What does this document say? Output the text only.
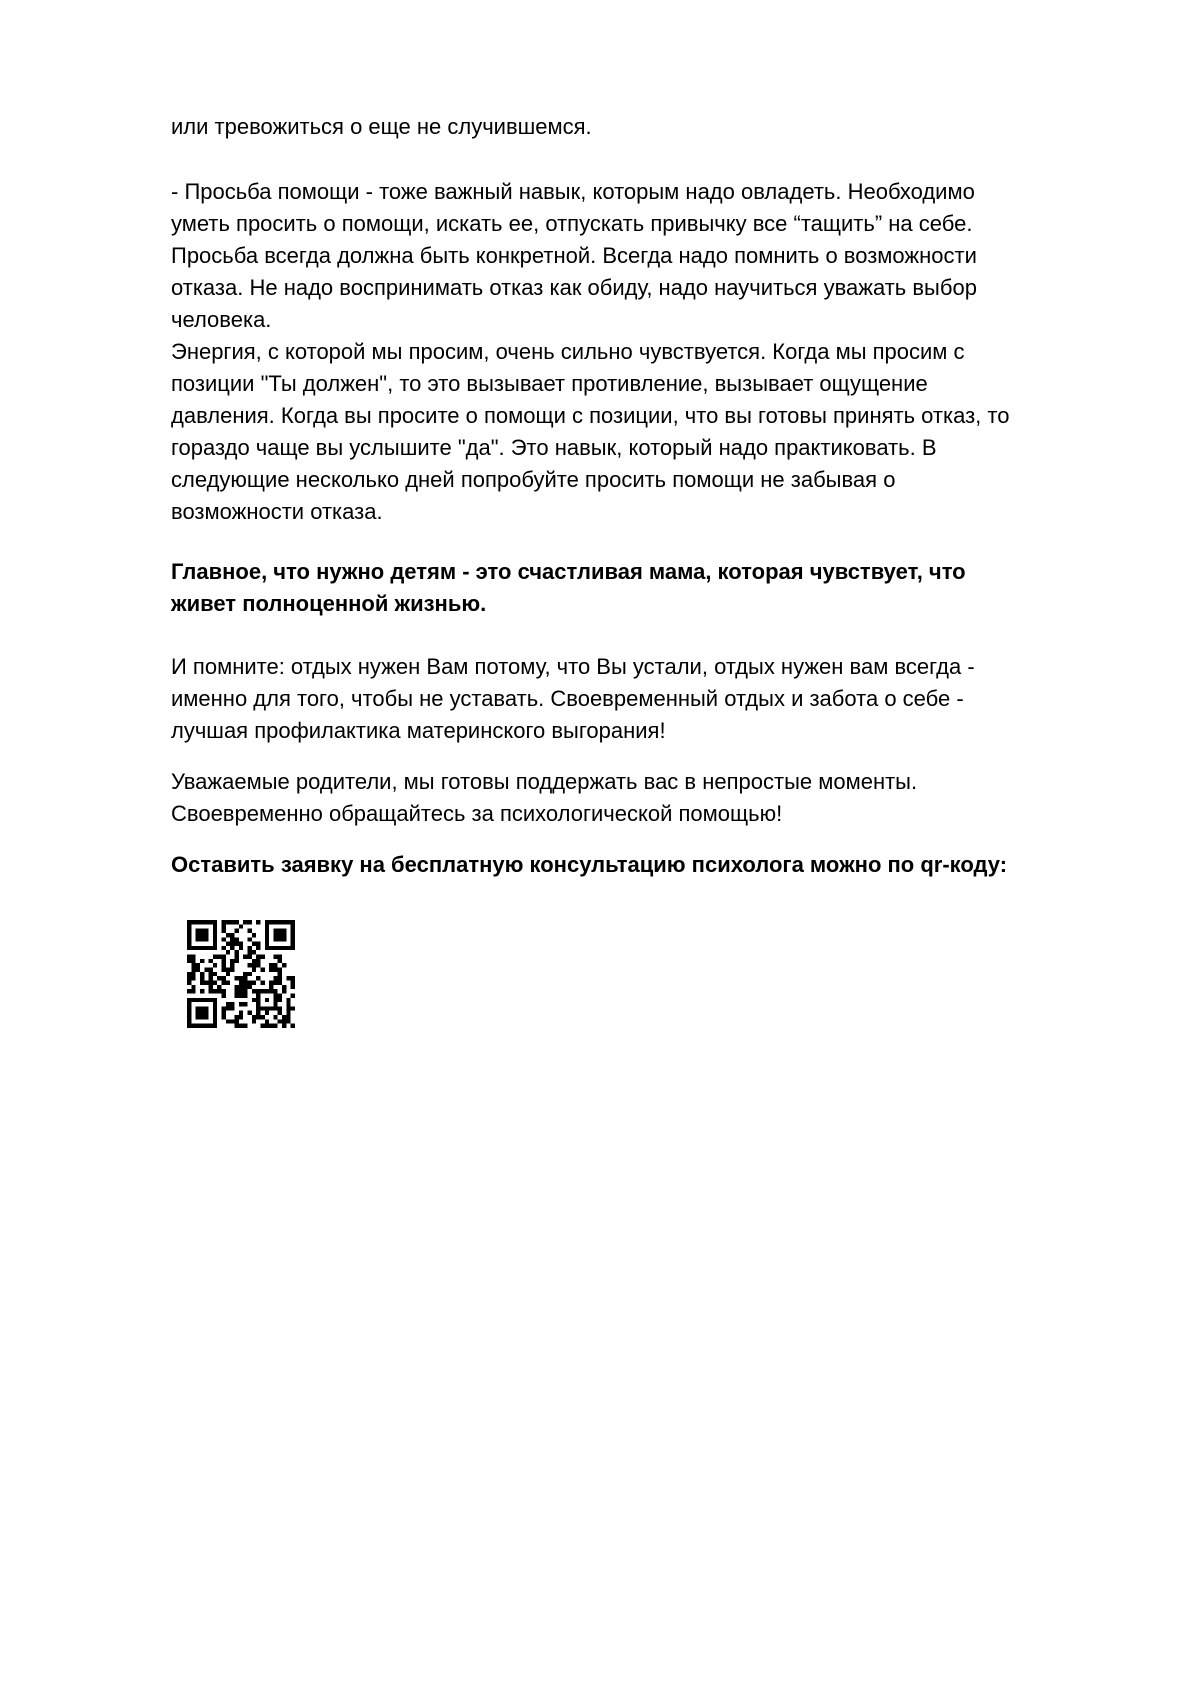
или тревожиться о еще не случившемся.
- Просьба помощи - тоже важный навык, которым надо овладеть. Необходимо
уметь просить о помощи, искать ее, отпускать привычку все “тащить” на себе.
Просьба всегда должна быть конкретной. Всегда надо помнить о возможности
отказа. Не надо воспринимать отказ как обиду, надо научиться уважать выбор
человека.
Энергия, с которой мы просим, очень сильно чувствуется. Когда мы просим с
позиции "Ты должен", то это вызывает противление, вызывает ощущение
давления. Когда вы просите о помощи с позиции, что вы готовы принять отказ, то
гораздо чаще вы услышите "да". Это навык, который надо практиковать. В
следующие несколько дней попробуйте просить помощи не забывая о
возможности отказа.
Главное, что нужно детям - это счастливая мама, которая чувствует, что
живет полноценной жизнью.
И помните: отдых нужен Вам потому, что Вы устали, отдых нужен вам всегда -
именно для того, чтобы не уставать. Своевременный отдых и забота о себе -
лучшая профилактика материнского выгорания!
Уважаемые родители, мы готовы поддержать вас в непростые моменты.
Своевременно обращайтесь за психологической помощью!
Оставить заявку на бесплатную консультацию психолога можно по qr-коду:
